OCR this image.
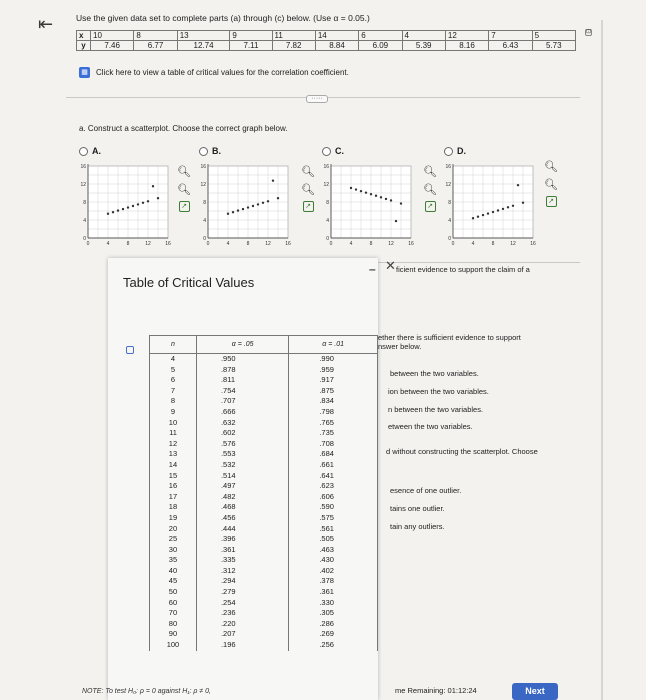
⇤	Use the given data set to complete parts (a) through (c) below. (Use α = 0.05.)
x	10	8	13	9	11	14	6	4	12	7	5
y	7.46	6.77	12.74	7.11	7.82	8.84	6.09	5.39	8.16	6.43	5.73
⊡
▦ Click here to view a table of critical values for the correlation coefficient.
·····
a. Construct a scatterplot. Choose the correct graph below.
A.	B.	C.	D.
16
12
8
4
0
0	4	8	12	16
16
12
8
4
0
0	4	8	12	16
16
12
8
4
0
0	4	8	12	16
16
12
8
4
0
0	4	8	12	16
🔍︎
🔍︎
↗
🔍︎
🔍︎
↗
🔍︎
🔍︎
↗
🔍︎
🔍︎
↗
ficient evidence to support the claim of a
ether there is sufficient evidence to support
nswer below.
between the two variables.
ion between the two variables.
n between the two variables.
etween the two variables.
d without constructing the scatterplot. Choose
esence of one outlier.
tains one outlier.
tain any outliers.
Table of Critical Values
n	α = .05	α = .01
4	.950	.990
5	.878	.959
6	.811	.917
7	.754	.875
8	.707	.834
9	.666	.798
10	.632	.765
11	.602	.735
12	.576	.708
13	.553	.684
14	.532	.661
15	.514	.641
16	.497	.623
17	.482	.606
18	.468	.590
19	.456	.575
20	.444	.561
25	.396	.505
30	.361	.463
35	.335	.430
40	.312	.402
45	.294	.378
50	.279	.361
60	.254	.330
70	.236	.305
80	.220	.286
90	.207	.269
100	.196	.256
NOTE: To test H₀: ρ = 0 against H₁: ρ ≠ 0,
– ✕
me Remaining: 01:12:24	Next
